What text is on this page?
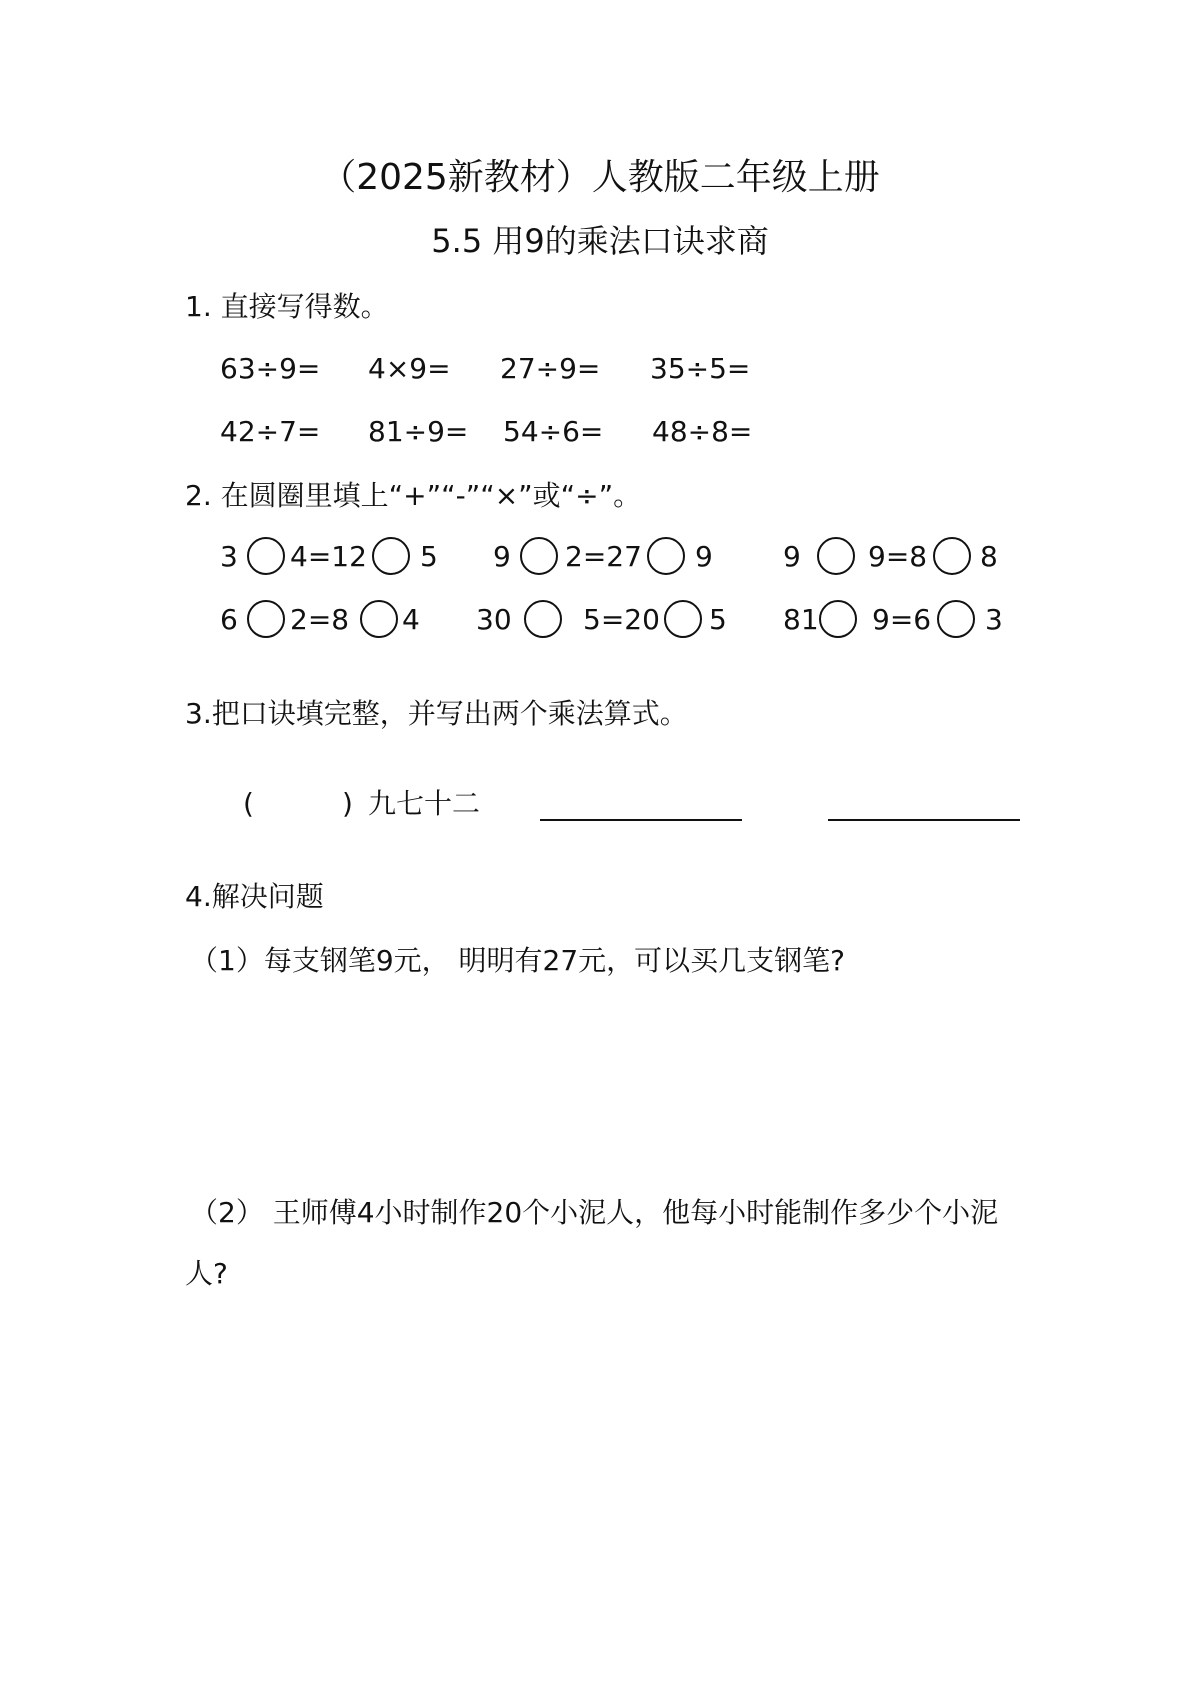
（2025新教材）人教版二年级上册
5.5 用9的乘法口诀求商
1. 直接写得数。
63÷9= 4×9= 27÷9= 35÷5=
42÷7= 81÷9= 54÷6= 48÷8=
2. 在圆圈里填上“+”“-”“×”或“÷”。
3 4=12 5 9 2=27 9	9 9=8 8
6 2=8 4 30	5=20 5 81 9=6 3
3.把口诀填完整，并写出两个乘法算式。
(	) 九七十二
4.解决问题
（1）每支钢笔9元， 明明有27元，可以买几支钢笔?
（2） 王师傅4小时制作20个小泥人，他每小时能制作多少个小泥
人?
